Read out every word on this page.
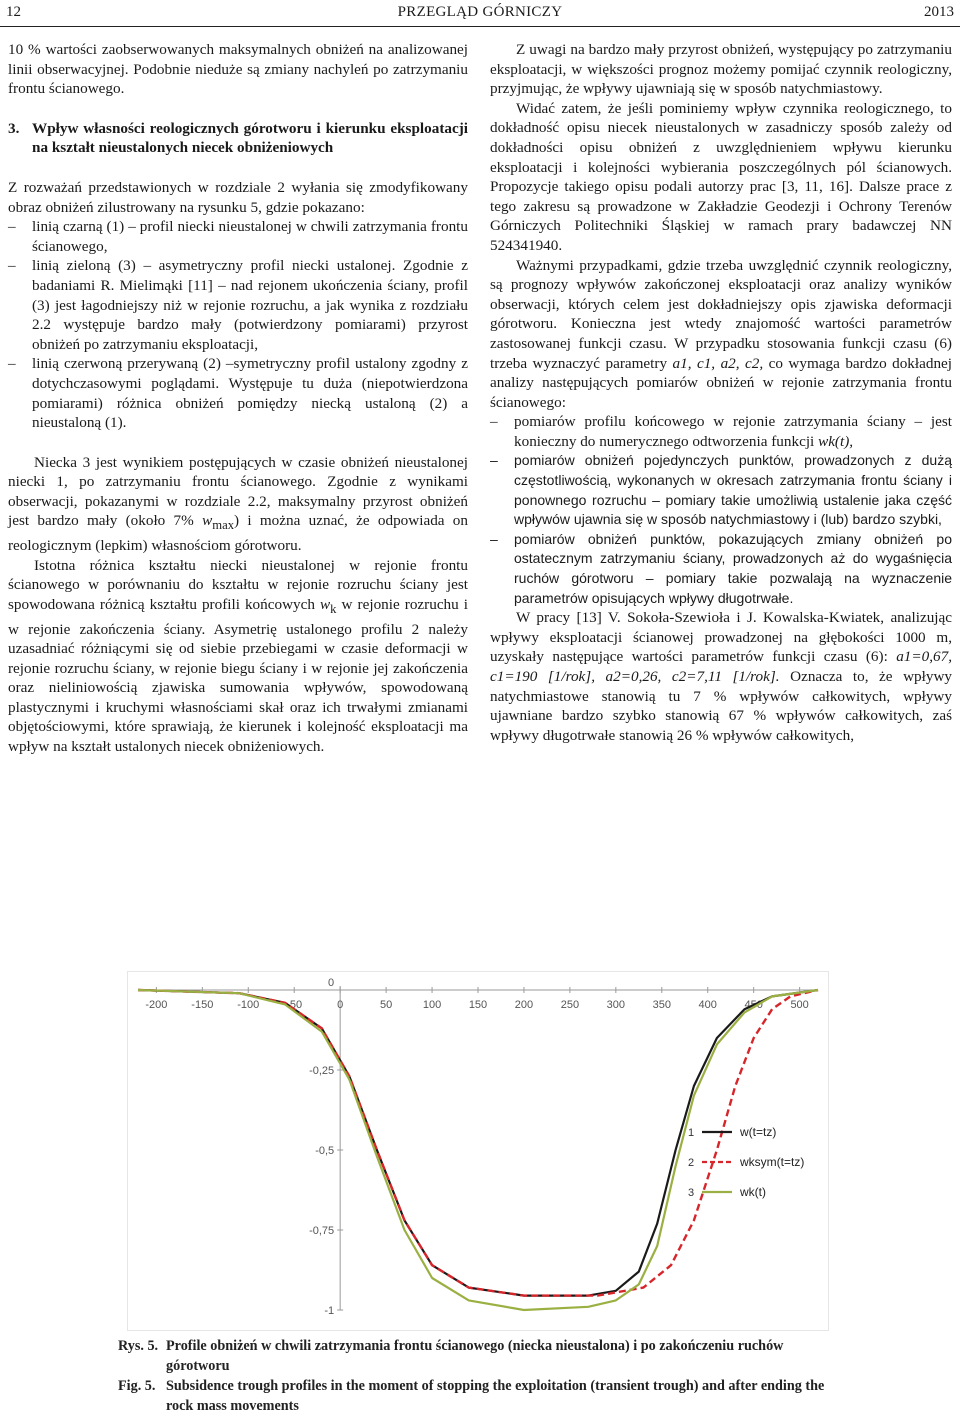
12	PRZEGLĄD GÓRNICZY	2013

10 % wartości zaobserwowanych maksymalnych obniżeń na analizowanej linii obserwacyjnej. Podobnie nieduże są zmiany nachyleń po zatrzymaniu frontu ścianowego.

3. Wpływ własności reologicznych górotworu i kierunku eksploatacji na kształt nieustalonych niecek obniżeniowych

Z rozważań przedstawionych w rozdziale 2 wyłania się zmodyfikowany obraz obniżeń zilustrowany na rysunku 5, gdzie pokazano:

–
linią czarną (1) – profil niecki nieustalonej w chwili zatrzymania frontu ścianowego,
–
linią zieloną (3) – asymetryczny profil niecki ustalonej. Zgodnie z badaniami R. Mielimąki [11] – nad rejonem ukończenia ściany, profil (3) jest łagodniejszy niż w rejonie rozruchu, a jak wynika z rozdziału 2.2 występuje bardzo mały (potwierdzony pomiarami) przyrost obniżeń po zatrzymaniu eksploatacji,
–
linią czerwoną przerywaną (2) –symetryczny profil ustalony zgodny z dotychczasowymi poglądami. Występuje tu duża (niepotwierdzona pomiarami) różnica obniżeń pomiędzy niecką ustaloną (2) a nieustaloną (1).

Niecka 3 jest wynikiem postępujących w czasie obniżeń nieustalonej niecki 1, po zatrzymaniu frontu ścianowego. Zgodnie z wynikami obserwacji, pokazanymi w rozdziale 2.2, maksymalny przyrost obniżeń jest bardzo mały (około 7% $w_{max}$) i można uznać, że odpowiada on reologicznym (lepkim) własnościom górotworu.

Istotna różnica kształtu niecki nieustalonej w rejonie frontu ścianowego w porównaniu do kształtu w rejonie rozruchu ściany jest spowodowana różnicą kształtu profili końcowych $w_k$ w rejonie rozruchu i w rejonie zakończenia ściany. Asymetrię ustalonego profilu 2 należy uzasadniać różniącymi się od siebie przebiegami w czasie deformacji w rejonie rozruchu ściany, w rejonie biegu ściany i w rejonie jej zakończenia oraz nieliniowością zjawiska sumowania wpływów, spowodowaną plastycznymi i kruchymi własnościami skał oraz ich trwałymi zmianami objętościowymi, które sprawiają, że kierunek i kolejność eksploatacji ma wpływ na kształt ustalonych niecek obniżeniowych.

Z uwagi na bardzo mały przyrost obniżeń, występujący po zatrzymaniu eksploatacji, w większości prognoz możemy pomijać czynnik reologiczny, przyjmując, że wpływy ujawniają się w sposób natychmiastowy.

Widać zatem, że jeśli pominiemy wpływ czynnika reologicznego, to dokładność opisu niecek nieustalonych w zasadniczy sposób zależy od dokładności opisu obniżeń z uwzględnieniem wpływu kierunku eksploatacji i kolejności wybierania poszczególnych pól ścianowych. Propozycje takiego opisu podali autorzy prac [3, 11, 16]. Dalsze prace z tego zakresu są prowadzone w Zakładzie Geodezji i Ochrony Terenów Górniczych Politechniki Śląskiej w ramach prary badawczej NN 524341940.

Ważnymi przypadkami, gdzie trzeba uwzględnić czynnik reologiczny, są prognozy wpływów zakończonej eksploatacji oraz analizy wyników obserwacji, których celem jest dokładniejszy opis zjawiska deformacji górotworu. Konieczna jest wtedy znajomość wartości parametrów zastosowanej funkcji czasu. W przypadku stosowania funkcji czasu (6) trzeba wyznaczyć parametry a1, c1, a2, c2, co wymaga bardzo dokładnej analizy następujących pomiarów obniżeń w rejonie zatrzymania frontu ścianowego:

–
pomiarów profilu końcowego w rejonie zatrzymania ściany – jest konieczny do numerycznego odtworzenia funkcji wk(t),
–
pomiarów obniżeń pojedynczych punktów, prowadzonych z dużą częstotliwością, wykonanych w okresach zatrzymania frontu ściany i ponownego rozruchu – pomiary takie umożliwią ustalenie jaka część wpływów ujawnia się w sposób natychmiastowy i (lub) bardzo szybki,
–
pomiarów obniżeń punktów, pokazujących zmiany obniżeń po ostatecznym zatrzymaniu ściany, prowadzonych aż do wygaśnięcia ruchów górotworu – pomiary takie pozwalają na wyznaczenie parametrów opisujących wpływy długotrwałe.

W pracy [13] V. Sokoła-Szewioła i J. Kowalska-Kwiatek, analizując wpływy eksploatacji ścianowej prowadzonej na głębokości 1000 m, uzyskały następujące wartości parametrów funkcji czasu (6): a1=0,67, c1=190 [1/rok], a2=0,26, c2=7,11 [1/rok]. Oznacza to, że wpływy natychmiastowe stanowią tu 7 % wpływów całkowitych, wpływy ujawniane bardzo szybko stanowią 67 % wpływów całkowitych, zaś wpływy długotrwałe stanowią 26 % wpływów całkowitych,

-200 -150 -100 -50	0	50	100	150	200	250	300	350	400	450	500
0
-0,25
-0,5
-0,75
-1
1	w(t=tz)
2	wksym(t=tz)
3	wk(t)
Rys. 5. Profile obniżeń w chwili zatrzymania frontu ścianowego (niecka nieustalona) i po zakończeniu ruchów górotworu
Fig. 5. Subsidence trough profiles in the moment of stopping the exploitation (transient trough) and after ending the rock mass movements
